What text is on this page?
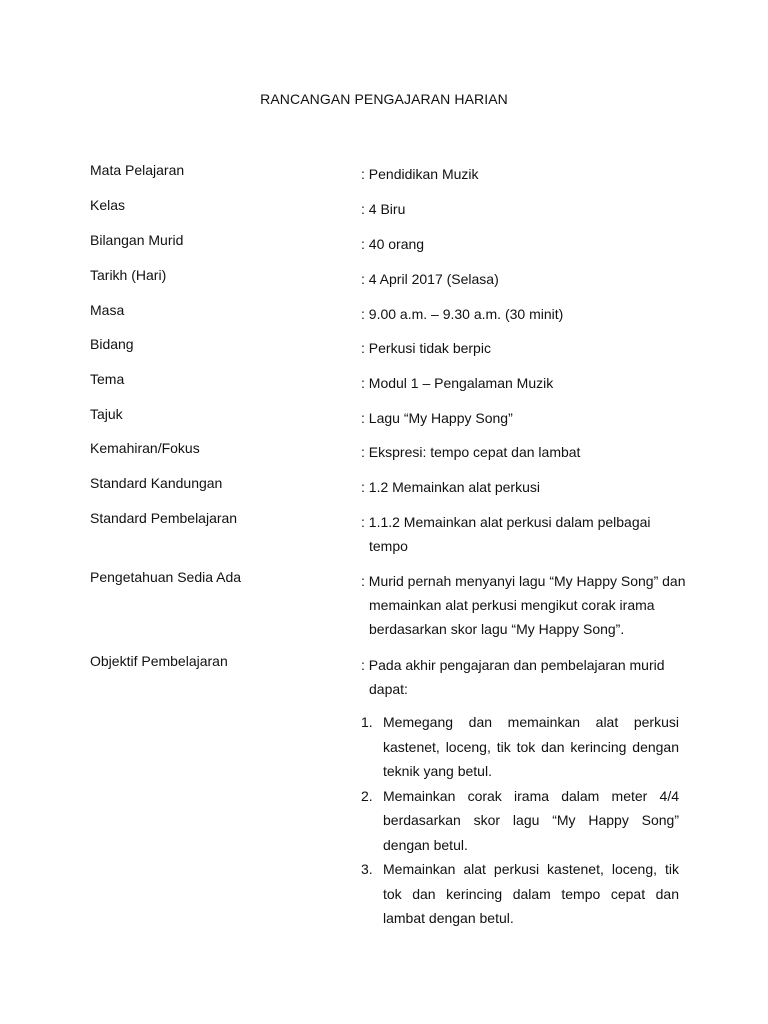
RANCANGAN PENGAJARAN HARIAN
Mata Pelajaran	: Pendidikan Muzik
Kelas	: 4 Biru
Bilangan Murid	: 40 orang
Tarikh (Hari)	: 4 April 2017 (Selasa)
Masa	: 9.00 a.m. – 9.30 a.m. (30 minit)
Bidang	: Perkusi tidak berpic
Tema	: Modul 1 – Pengalaman Muzik
Tajuk	: Lagu “My Happy Song”
Kemahiran/Fokus	: Ekspresi: tempo cepat dan lambat
Standard Kandungan	: 1.2 Memainkan alat perkusi
Standard Pembelajaran	: 1.1.2 Memainkan alat perkusi dalam pelbagai
tempo
Pengetahuan Sedia Ada	: Murid pernah menyanyi lagu “My Happy Song” dan
memainkan alat perkusi mengikut corak irama
berdasarkan skor lagu “My Happy Song”.
Objektif Pembelajaran	: Pada akhir pengajaran dan pembelajaran murid
dapat:
1. Memegang dan memainkan alat perkusi kastenet, loceng, tik tok dan kerincing dengan teknik yang betul.
2. Memainkan corak irama dalam meter 4/4 berdasarkan skor lagu “My Happy Song” dengan betul.
3. Memainkan alat perkusi kastenet, loceng, tik tok dan kerincing dalam tempo cepat dan lambat dengan betul.
